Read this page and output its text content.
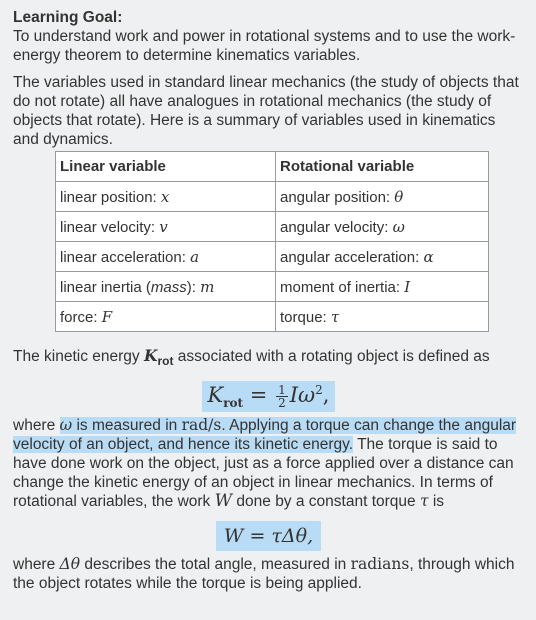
Learning Goal:

To understand work and power in rotational systems and to use the work-energy theorem to determine kinematics variables.

The variables used in standard linear mechanics (the study of objects that do not rotate) all have analogues in rotational mechanics (the study of objects that rotate). Here is a summary of variables used in kinematics and dynamics.

Linear variable	Rotational variable
linear position: x	angular position: θ
linear velocity: v	angular velocity: ω
linear acceleration: a	angular acceleration: α
linear inertia (mass): m	moment of inertia: I
force: F	torque: τ

The kinetic energy $K_{rot}$ associated with a rotating object is defined as

$K_{rot} = \frac{1}{2} I\omega^2$,

where ω is measured in rad/s. Applying a torque can change the angular velocity of an object, and hence its kinetic energy. The torque is said to have done work on the object, just as a force applied over a distance can change the kinetic energy of an object in linear mechanics. In terms of rotational variables, the work W done by a constant torque τ is

W = τΔθ,

where Δθ describes the total angle, measured in radians, through which the object rotates while the torque is being applied.
